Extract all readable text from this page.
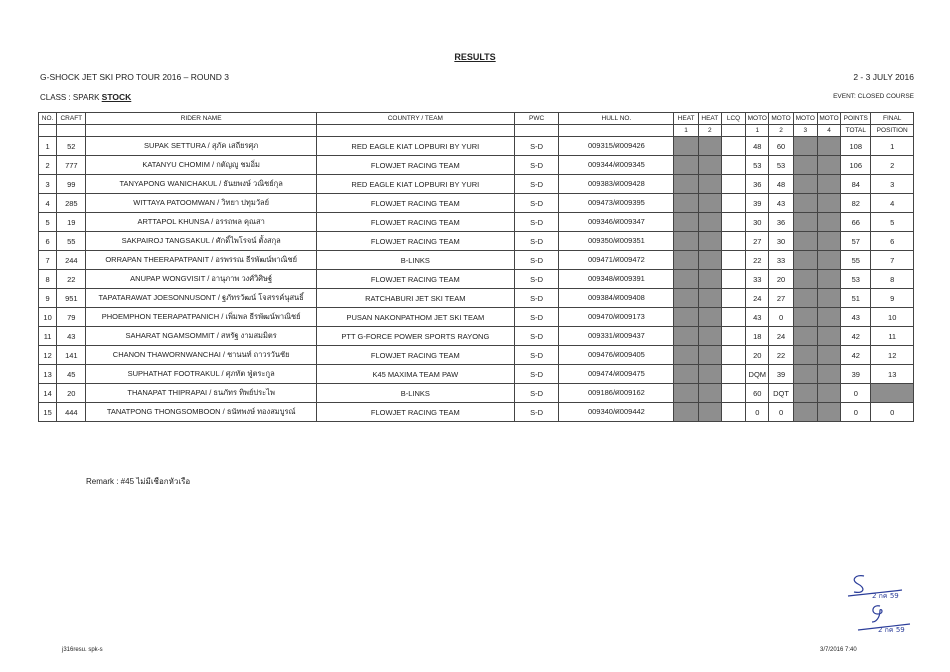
RESULTS
G-SHOCK JET SKI PRO TOUR 2016 – ROUND 3	2 - 3 JULY 2016
CLASS : SPARK STOCK	EVENT: CLOSED COURSE
NO.	CRAFT	RIDER NAME	COUNTRY / TEAM	PWC	HULL NO.	HEAT	HEAT	LCQ	MOTO	MOTO	MOTO	MOTO	POINTS	FINAL
						1	2		1	2	3	4	TOTAL	POSITION
1	52	SUPAK SETTURA / สุภัค เสถียรศุภ	RED EAGLE KIAT LOPBURI BY YURI	S-D	009315/ศ009426				48	60			108	1
2	777	KATANYU CHOMIM / กตัญญู ชมอิ่ม	FLOWJET RACING TEAM	S-D	009344/ศ009345				53	53			106	2
3	99	TANYAPONG WANICHAKUL / ธันยพงษ์ วณิชย์กุล	RED EAGLE KIAT LOPBURI BY YURI	S-D	009383/ศ009428				36	48			84	3
4	285	WITTAYA PATOOMWAN / วิทยา ปทุมวัลย์	FLOWJET RACING TEAM	S-D	009473/ศ009395				39	43			82	4
5	19	ARTTAPOL KHUNSA / อรรถพล คุณสา	FLOWJET RACING TEAM	S-D	009346/ศ009347				30	36			66	5
6	55	SAKPAIROJ TANGSAKUL / ศักดิ์ไพโรจน์ ตั้งสกุล	FLOWJET RACING TEAM	S-D	009350/ศ009351				27	30			57	6
7	244	ORRAPAN THEERAPATPANIT / อรพรรณ ธีรพัฒน์พาณิชย์	B-LINKS	S-D	009471/ศ009472				22	33			55	7
8	22	ANUPAP WONGVISIT / อานุภาพ วงศ์วิศิษฐ์	FLOWJET RACING TEAM	S-D	009348/ศ009391				33	20			53	8
9	951	TAPATARAWAT JOESONNUSONT / ฐภัทรวัฒน์ โจสรรค์นุสนธิ์	RATCHABURI JET SKI TEAM	S-D	009384/ศ009408				24	27			51	9
10	79	PHOEMPHON TEERAPATPANICH / เพิ่มพล ธีรพัฒน์พาณิชย์	PUSAN NAKONPATHOM JET SKI TEAM	S-D	009470/ศ009173				43	0			43	10
11	43	SAHARAT NGAMSOMMIT / สหรัฐ งามสมมิตร	PTT G-FORCE POWER SPORTS RAYONG	S-D	009331/ศ009437				18	24			42	11
12	141	CHANON THAWORNWANCHAI / ชานนท์ ถาวรวันชัย	FLOWJET RACING TEAM	S-D	009476/ศ009405				20	22			42	12
13	45	SUPHATHAT FOOTRAKUL / ศุภทัต ฟู่ตระกูล	K45 MAXIMA TEAM PAW	S-D	009474/ศ009475				DQM	39			39	13
14	20	THANAPAT THIPRAPAI / ธนภัทร ทิพย์ประไพ	B-LINKS	S-D	009186/ศ009162				60	DQT			0	
15	444	TANATPONG THONGSOMBOON / ธนัทพงษ์ ทองสมบูรณ์	FLOWJET RACING TEAM	S-D	009340/ศ009442				0	0			0	0
Remark : #45 ไม่มีเชือกหัวเรือ
2 กค 59
2 กค 59
j316resu. spk-s	3/7/2016 7:40
